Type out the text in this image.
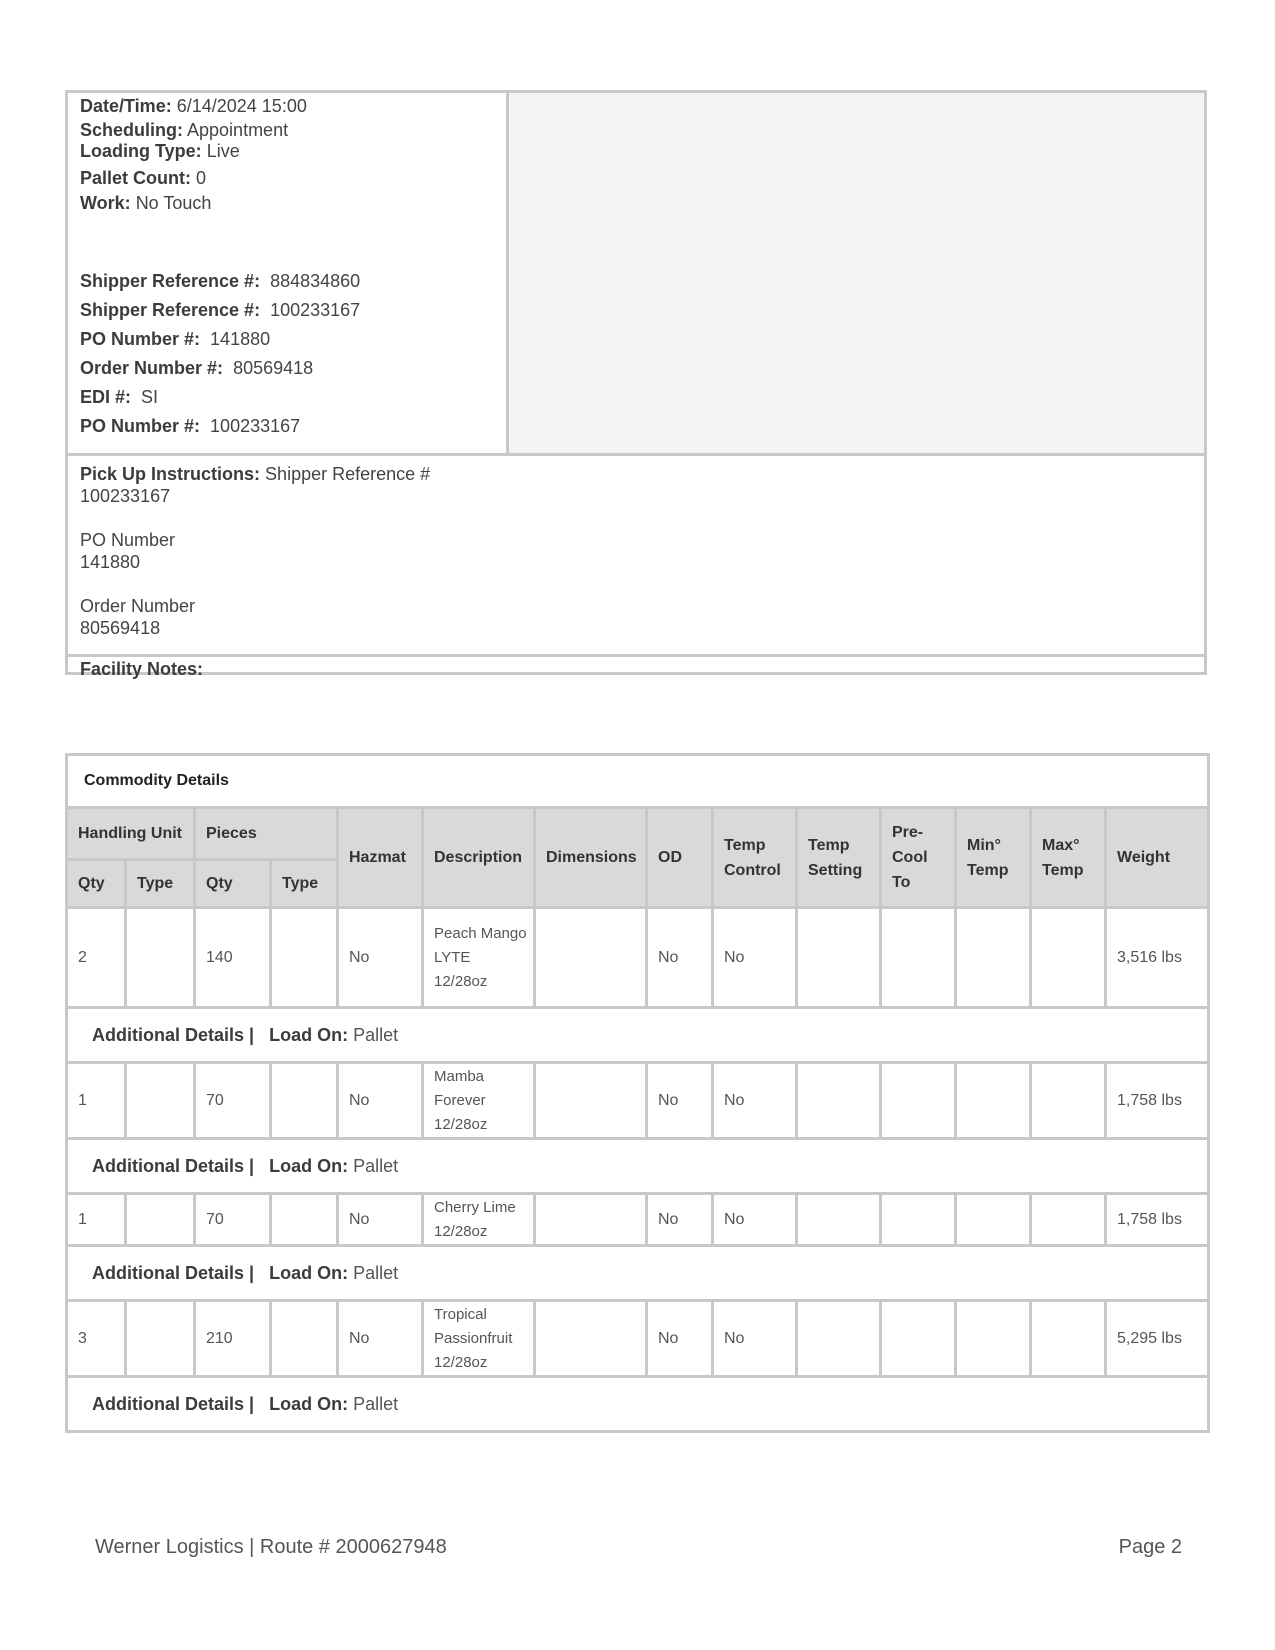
Date/Time: 6/14/2024 15:00
Scheduling: Appointment
Loading Type: Live
Pallet Count: 0
Work: No Touch
Shipper Reference #: 884834860
Shipper Reference #: 100233167
PO Number #: 141880
Order Number #: 80569418
EDI #: SI
PO Number #: 100233167
Pick Up Instructions: Shipper Reference #
100233167

PO Number
141880

Order Number
80569418
Facility Notes:
Commodity Details													
Handling Unit		Pieces		Hazmat	Description	Dimensions	OD	Temp Control	Temp Setting	Pre-Cool To	Min° Temp	Max° Temp	Weight
Qty	Type	Qty	Type										
2		140		No	Peach Mango LYTE 12/28oz		No	No					3,516 lbs
Additional Details | Load On: Pallet													
1		70		No	Mamba Forever 12/28oz		No	No					1,758 lbs
Additional Details | Load On: Pallet													
1		70		No	Cherry Lime 12/28oz		No	No					1,758 lbs
Additional Details | Load On: Pallet													
3		210		No	Tropical Passionfruit 12/28oz		No	No					5,295 lbs
Additional Details | Load On: Pallet													
Werner Logistics | Route # 2000627948	Page 2
